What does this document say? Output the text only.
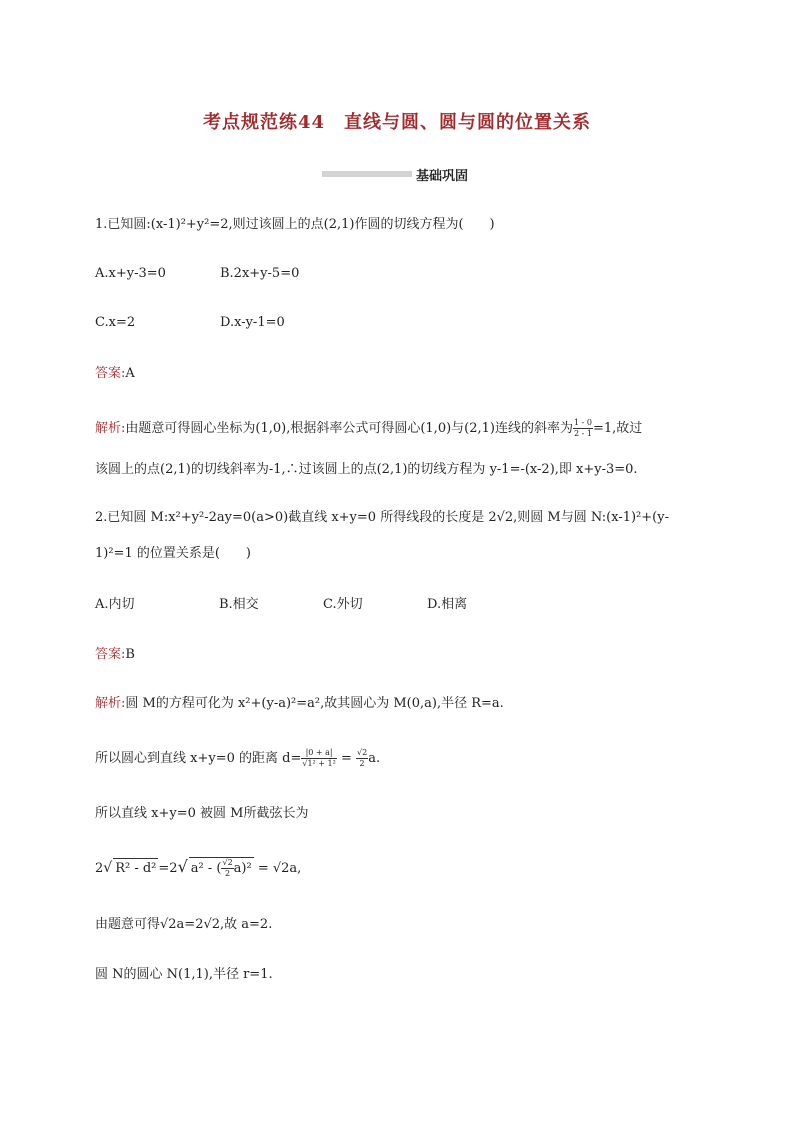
考点规范练44　直线与圆、圆与圆的位置关系
基础巩固
1.已知圆:(x-1)²+y²=2,则过该圆上的点(2,1)作圆的切线方程为(　　)
A.x+y-3=0	B.2x+y-5=0
C.x=2	D.x-y-1=0
答案:A
解析:由题意可得圆心坐标为(1,0),根据斜率公式可得圆心(1,0)与(2,1)连线的斜率为 $\frac{1 - 0}{2 - 1} =1$,故过
该圆上的点(2,1)的切线斜率为-1,∴过该圆上的点(2,1)的切线方程为 y-1=-(x-2),即 x+y-3=0.
2.已知圆 M:x²+y²-2ay=0(a>0)截直线 x+y=0 所得线段的长度是 2√2,则圆 M与圆 N:(x-1)²+(y-
1)²=1 的位置关系是(　　)
A.内切	B.相交	C.外切	D.相离
答案:B
解析:圆 M的方程可化为 x²+(y-a)²=a²,故其圆心为 M(0,a),半径 R=a.
所以圆心到直线 x+y=0 的距离 $d= \frac{|0 + a|}{\text{√1² + 1²}} = \frac{√2}{2} a$.
所以直线 x+y=0 被圆 M所截弦长为
2√ R² - d² =2√ a² - ( $\frac{√2}{2} a)^2 = √2a$,
由题意可得√2a=2√2,故 a=2.
圆 N的圆心 N(1,1),半径 r=1.
